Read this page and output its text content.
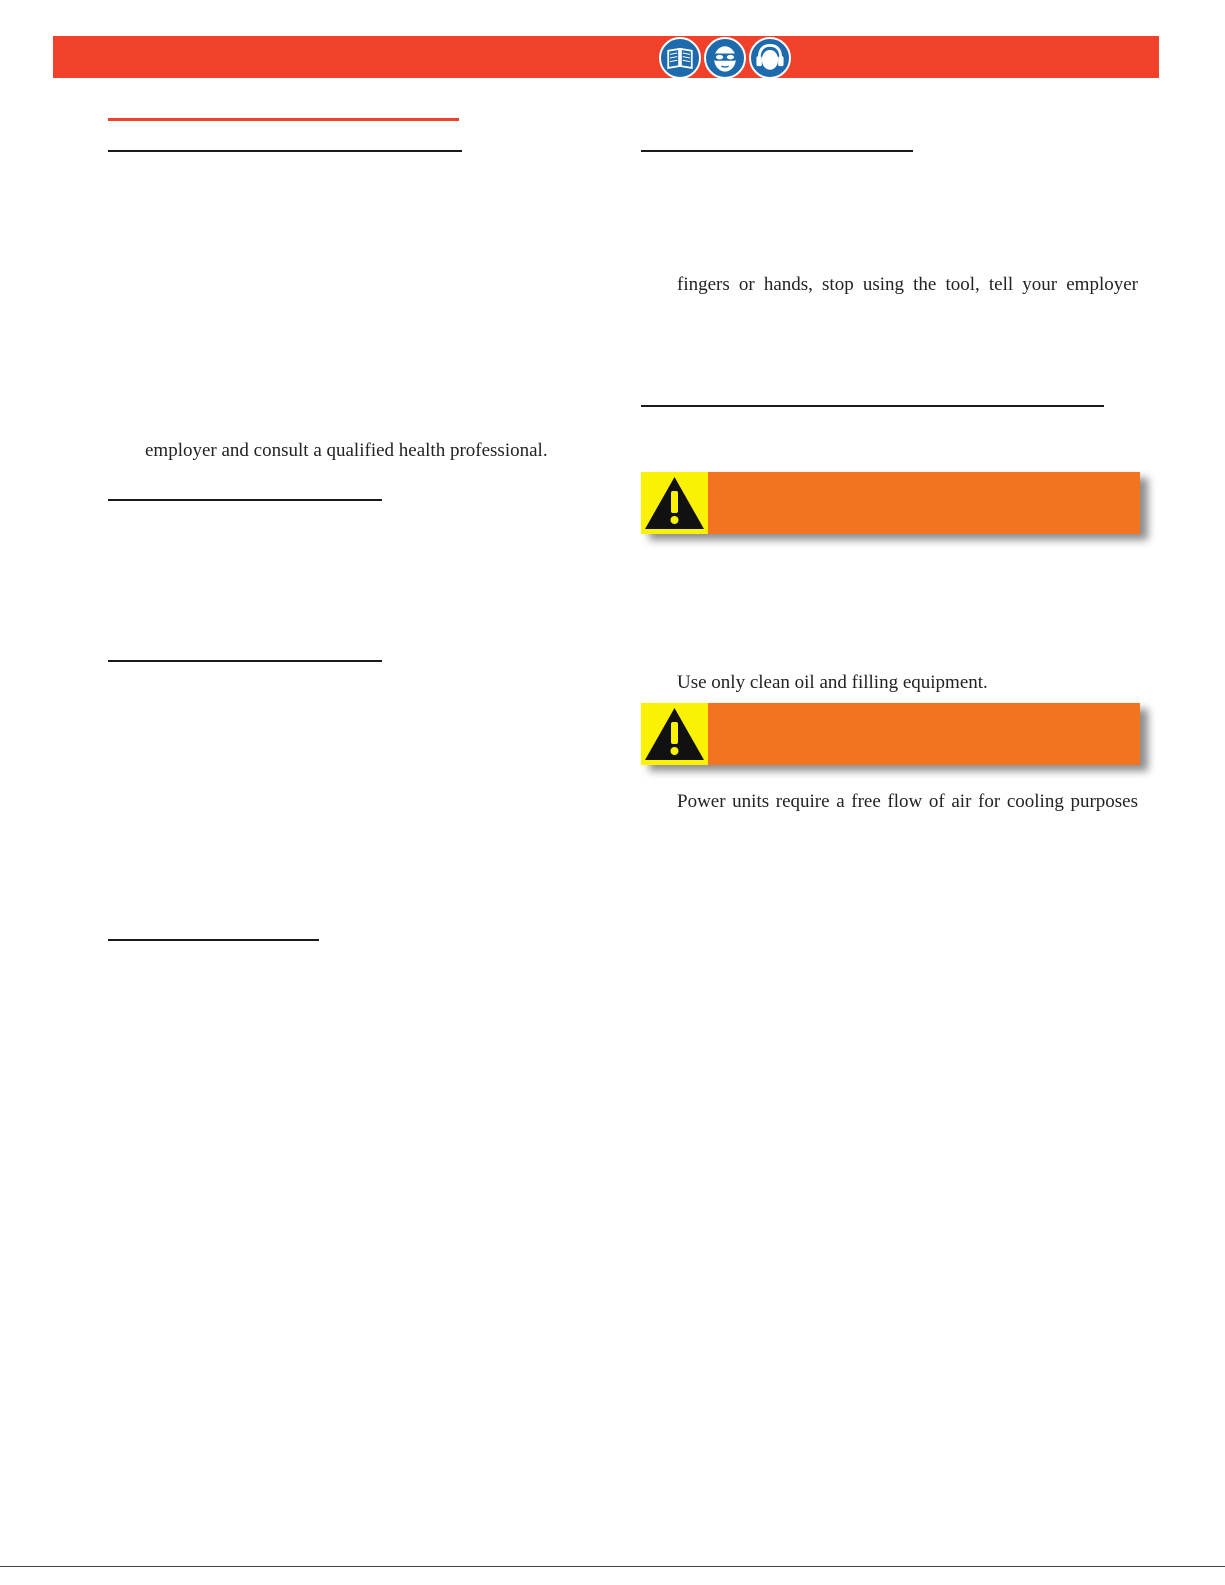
employer and consult a qualified health professional.
fingers or hands, stop using the tool, tell your employer
Use only clean oil and filling equipment.
Power units require a free flow of air for cooling purposes
